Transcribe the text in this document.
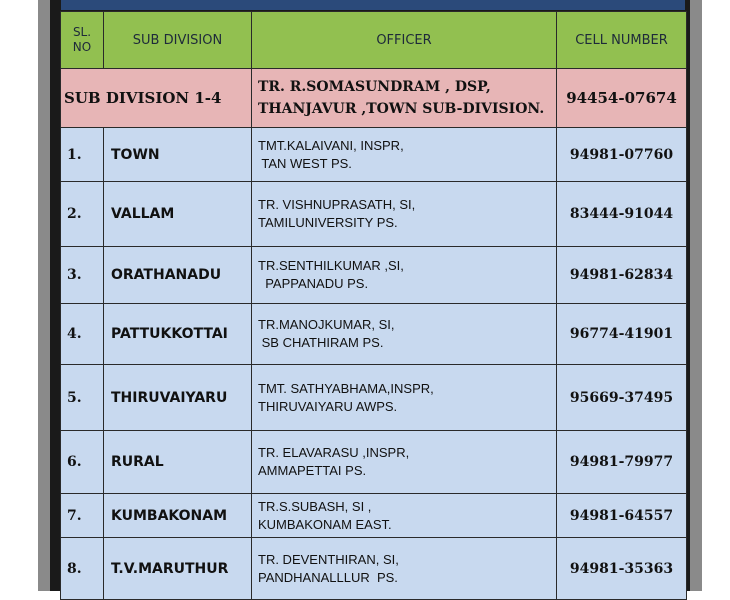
SL.
NO	SUB DIVISION	OFFICER	CELL NUMBER
SUB DIVISION 1-4		TR. R.SOMASUNDRAM , DSP,
THANJAVUR ,TOWN SUB-DIVISION.	94454-07674
1.	TOWN	TMT.KALAIVANI, INSPR,
TAN WEST PS.	94981-07760
2.	VALLAM	TR. VISHNUPRASATH, SI,
TAMILUNIVERSITY PS.	83444-91044
3.	ORATHANADU	TR.SENTHILKUMAR ,SI,
PAPPANADU PS.	94981-62834
4.	PATTUKKOTTAI	TR.MANOJKUMAR, SI,
SB CHATHIRAM PS.	96774-41901
5.	THIRUVAIYARU	TMT. SATHYABHAMA,INSPR,
THIRUVAIYARU AWPS.	95669-37495
6.	RURAL	TR. ELAVARASU ,INSPR,
AMMAPETTAI PS.	94981-79977
7.	KUMBAKONAM	TR.S.SUBASH, SI ,
KUMBAKONAM EAST.	94981-64557
8.	T.V.MARUTHUR	TR. DEVENTHIRAN, SI,
PANDHANALLLUR  PS.	94981-35363
